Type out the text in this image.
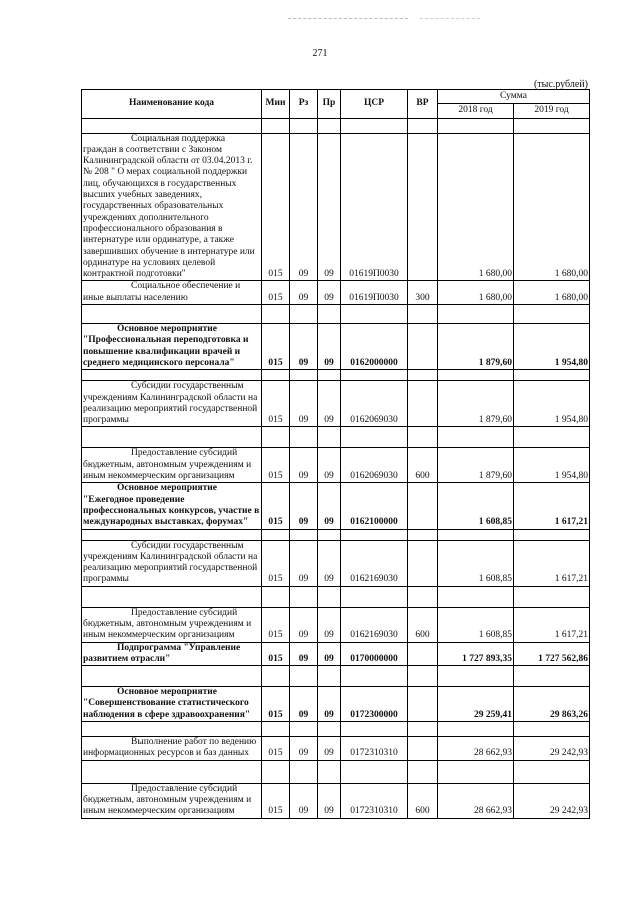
271
(тыс.рублей)
Наименование кода	Мин	Рз	Пр	ЦСР	ВР	Сумма	
						2018 год	2019 год

Социальная поддержка граждан в соответствии с Законом Калининградской области от 03.04.2013 г. № 208 " О мерах социальной поддержки лиц, обучающихся в государственных высших учебных заведениях, государственных образовательных учреждениях дополнительного профессионального образования в интернатуре или ординатуре, а также завершивших обучение в интернатуре или ординатуре на условиях целевой контрактной подготовки"	015	09	09	01619П0030		1 680,00	1 680,00

Социальное обеспечение и иные выплаты населению	015	09	09	01619П0030	300	1 680,00	1 680,00

Основное мероприятие "Профессиональная переподготовка и повышение квалификации врачей и среднего медицинского персонала"	015	09	09	0162000000		1 879,60	1 954,80

Субсидии государственным учреждениям Калининградской области на реализацию мероприятий государственной программы	015	09	09	0162069030		1 879,60	1 954,80

Предоставление субсидий бюджетным, автономным учреждениям и иным некоммерческим организациям	015	09	09	0162069030	600	1 879,60	1 954,80

Основное мероприятие "Ежегодное проведение профессиональных конкурсов, участие в международных выставках, форумах"	015	09	09	0162100000		1 608,85	1 617,21

Субсидии государственным учреждениям Калининградской области на реализацию мероприятий государственной программы	015	09	09	0162169030		1 608,85	1 617,21

Предоставление субсидий бюджетным, автономным учреждениям и иным некоммерческим организациям	015	09	09	0162169030	600	1 608,85	1 617,21

Подпрограмма "Управление развитием отрасли"	015	09	09	0170000000		1 727 893,35	1 727 562,86

Основное мероприятие "Совершенствование статистического наблюдения в сфере здравоохранения"	015	09	09	0172300000		29 259,41	29 863,26

Выполнение работ по ведению информационных ресурсов и баз данных	015	09	09	0172310310		28 662,93	29 242,93

Предоставление субсидий бюджетным, автономным учреждениям и иным некоммерческим организациям	015	09	09	0172310310	600	28 662,93	29 242,93
